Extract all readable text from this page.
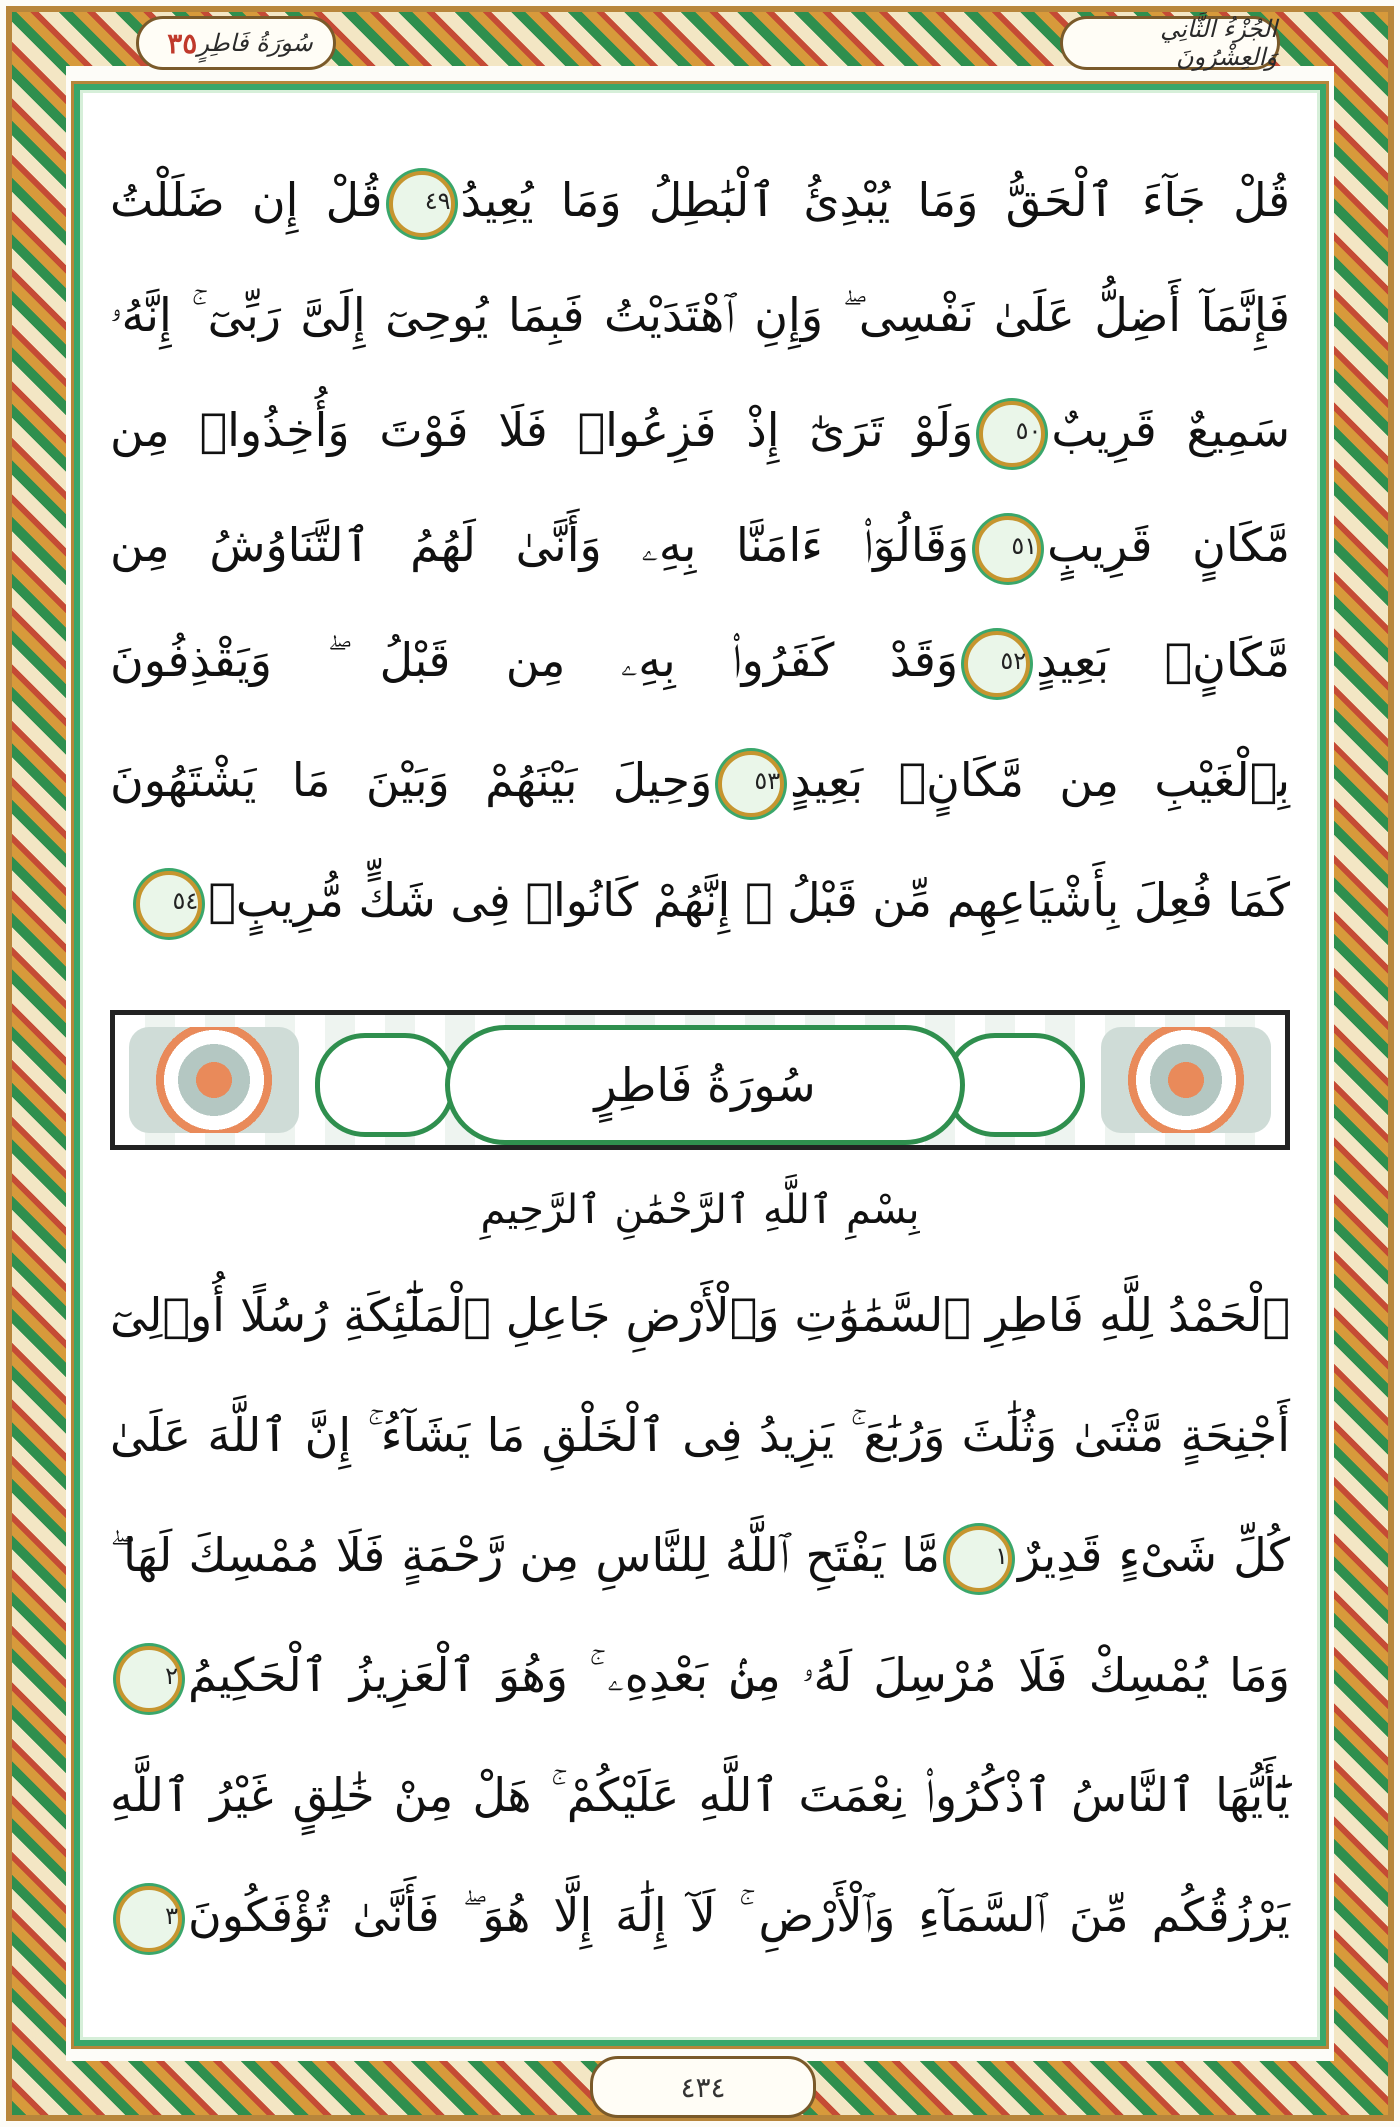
سُورَةُ فَاطِرٍ
٣٥	الجُزْءُ الثَّانِي وَالعِشْرُونَ
قُلْ جَآءَ ٱلْحَقُّ وَمَا يُبْدِئُ ٱلْبَٰطِلُ وَمَا يُعِيدُ٤٩قُلْ إِن ضَلَلْتُ
فَإِنَّمَآ أَضِلُّ عَلَىٰ نَفْسِى ۖ وَإِنِ ٱهْتَدَيْتُ فَبِمَا يُوحِىٓ إِلَىَّ رَبِّىٓ ۚ إِنَّهُۥ
سَمِيعٌ قَرِيبٌ٥٠وَلَوْ تَرَىٰٓ إِذْ فَزِعُوا۟ فَلَا فَوْتَ وَأُخِذُوا۟ مِن
مَّكَانٍ قَرِيبٍ٥١وَقَالُوٓا۟ ءَامَنَّا بِهِۦ وَأَنَّىٰ لَهُمُ ٱلتَّنَاوُشُ مِن
مَّكَانٍۭ بَعِيدٍ٥٢وَقَدْ كَفَرُوا۟ بِهِۦ مِن قَبْلُ ۖ وَيَقْذِفُونَ
بِٱلْغَيْبِ مِن مَّكَانٍۭ بَعِيدٍ٥٣وَحِيلَ بَيْنَهُمْ وَبَيْنَ مَا يَشْتَهُونَ
كَمَا فُعِلَ بِأَشْيَاعِهِم مِّن قَبْلُ ۚ إِنَّهُمْ كَانُوا۟ فِى شَكٍّ مُّرِيبٍۭ٥٤
سُورَةُ فَاطِرٍ
بِسْمِ ٱللَّهِ ٱلرَّحْمَٰنِ ٱلرَّحِيمِ
ٱلْحَمْدُ لِلَّهِ فَاطِرِ ٱلسَّمَٰوَٰتِ وَٱلْأَرْضِ جَاعِلِ ٱلْمَلَٰٓئِكَةِ رُسُلًا أُو۟لِىٓ
أَجْنِحَةٍ مَّثْنَىٰ وَثُلَٰثَ وَرُبَٰعَ ۚ يَزِيدُ فِى ٱلْخَلْقِ مَا يَشَآءُ ۚ إِنَّ ٱللَّهَ عَلَىٰ
كُلِّ شَىْءٍ قَدِيرٌ١مَّا يَفْتَحِ ٱللَّهُ لِلنَّاسِ مِن رَّحْمَةٍ فَلَا مُمْسِكَ لَهَا ۖ
وَمَا يُمْسِكْ فَلَا مُرْسِلَ لَهُۥ مِنۢ بَعْدِهِۦ ۚ وَهُوَ ٱلْعَزِيزُ ٱلْحَكِيمُ٢
يَٰٓأَيُّهَا ٱلنَّاسُ ٱذْكُرُوا۟ نِعْمَتَ ٱللَّهِ عَلَيْكُمْ ۚ هَلْ مِنْ خَٰلِقٍ غَيْرُ ٱللَّهِ
يَرْزُقُكُم مِّنَ ٱلسَّمَآءِ وَٱلْأَرْضِ ۚ لَآ إِلَٰهَ إِلَّا هُوَ ۖ فَأَنَّىٰ تُؤْفَكُونَ٣
٤٣٤
